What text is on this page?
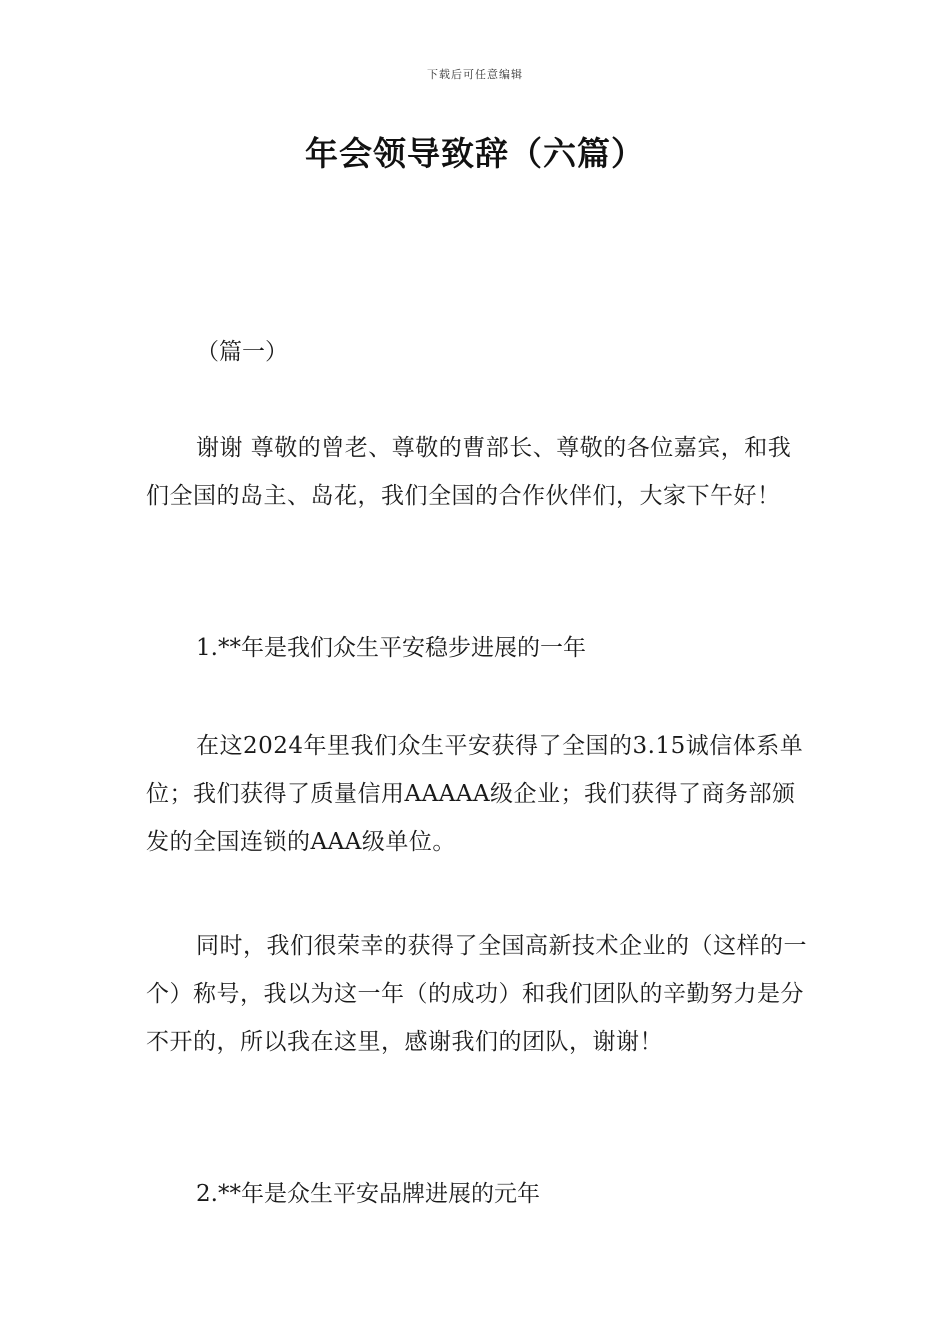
下载后可任意编辑
年会领导致辞（六篇）

（篇一）

谢谢 尊敬的曾老、尊敬的曹部长、尊敬的各位嘉宾，和我们全国的岛主、岛花，我们全国的合作伙伴们，大家下午好！

1.**年是我们众生平安稳步进展的一年

在这2024年里我们众生平安获得了全国的3.15诚信体系单位；我们获得了质量信用AAAAA级企业；我们获得了商务部颁发的全国连锁的AAA级单位。

同时，我们很荣幸的获得了全国高新技术企业的（这样的一个）称号，我以为这一年（的成功）和我们团队的辛勤努力是分不开的，所以我在这里，感谢我们的团队，谢谢！

2.**年是众生平安品牌进展的元年
